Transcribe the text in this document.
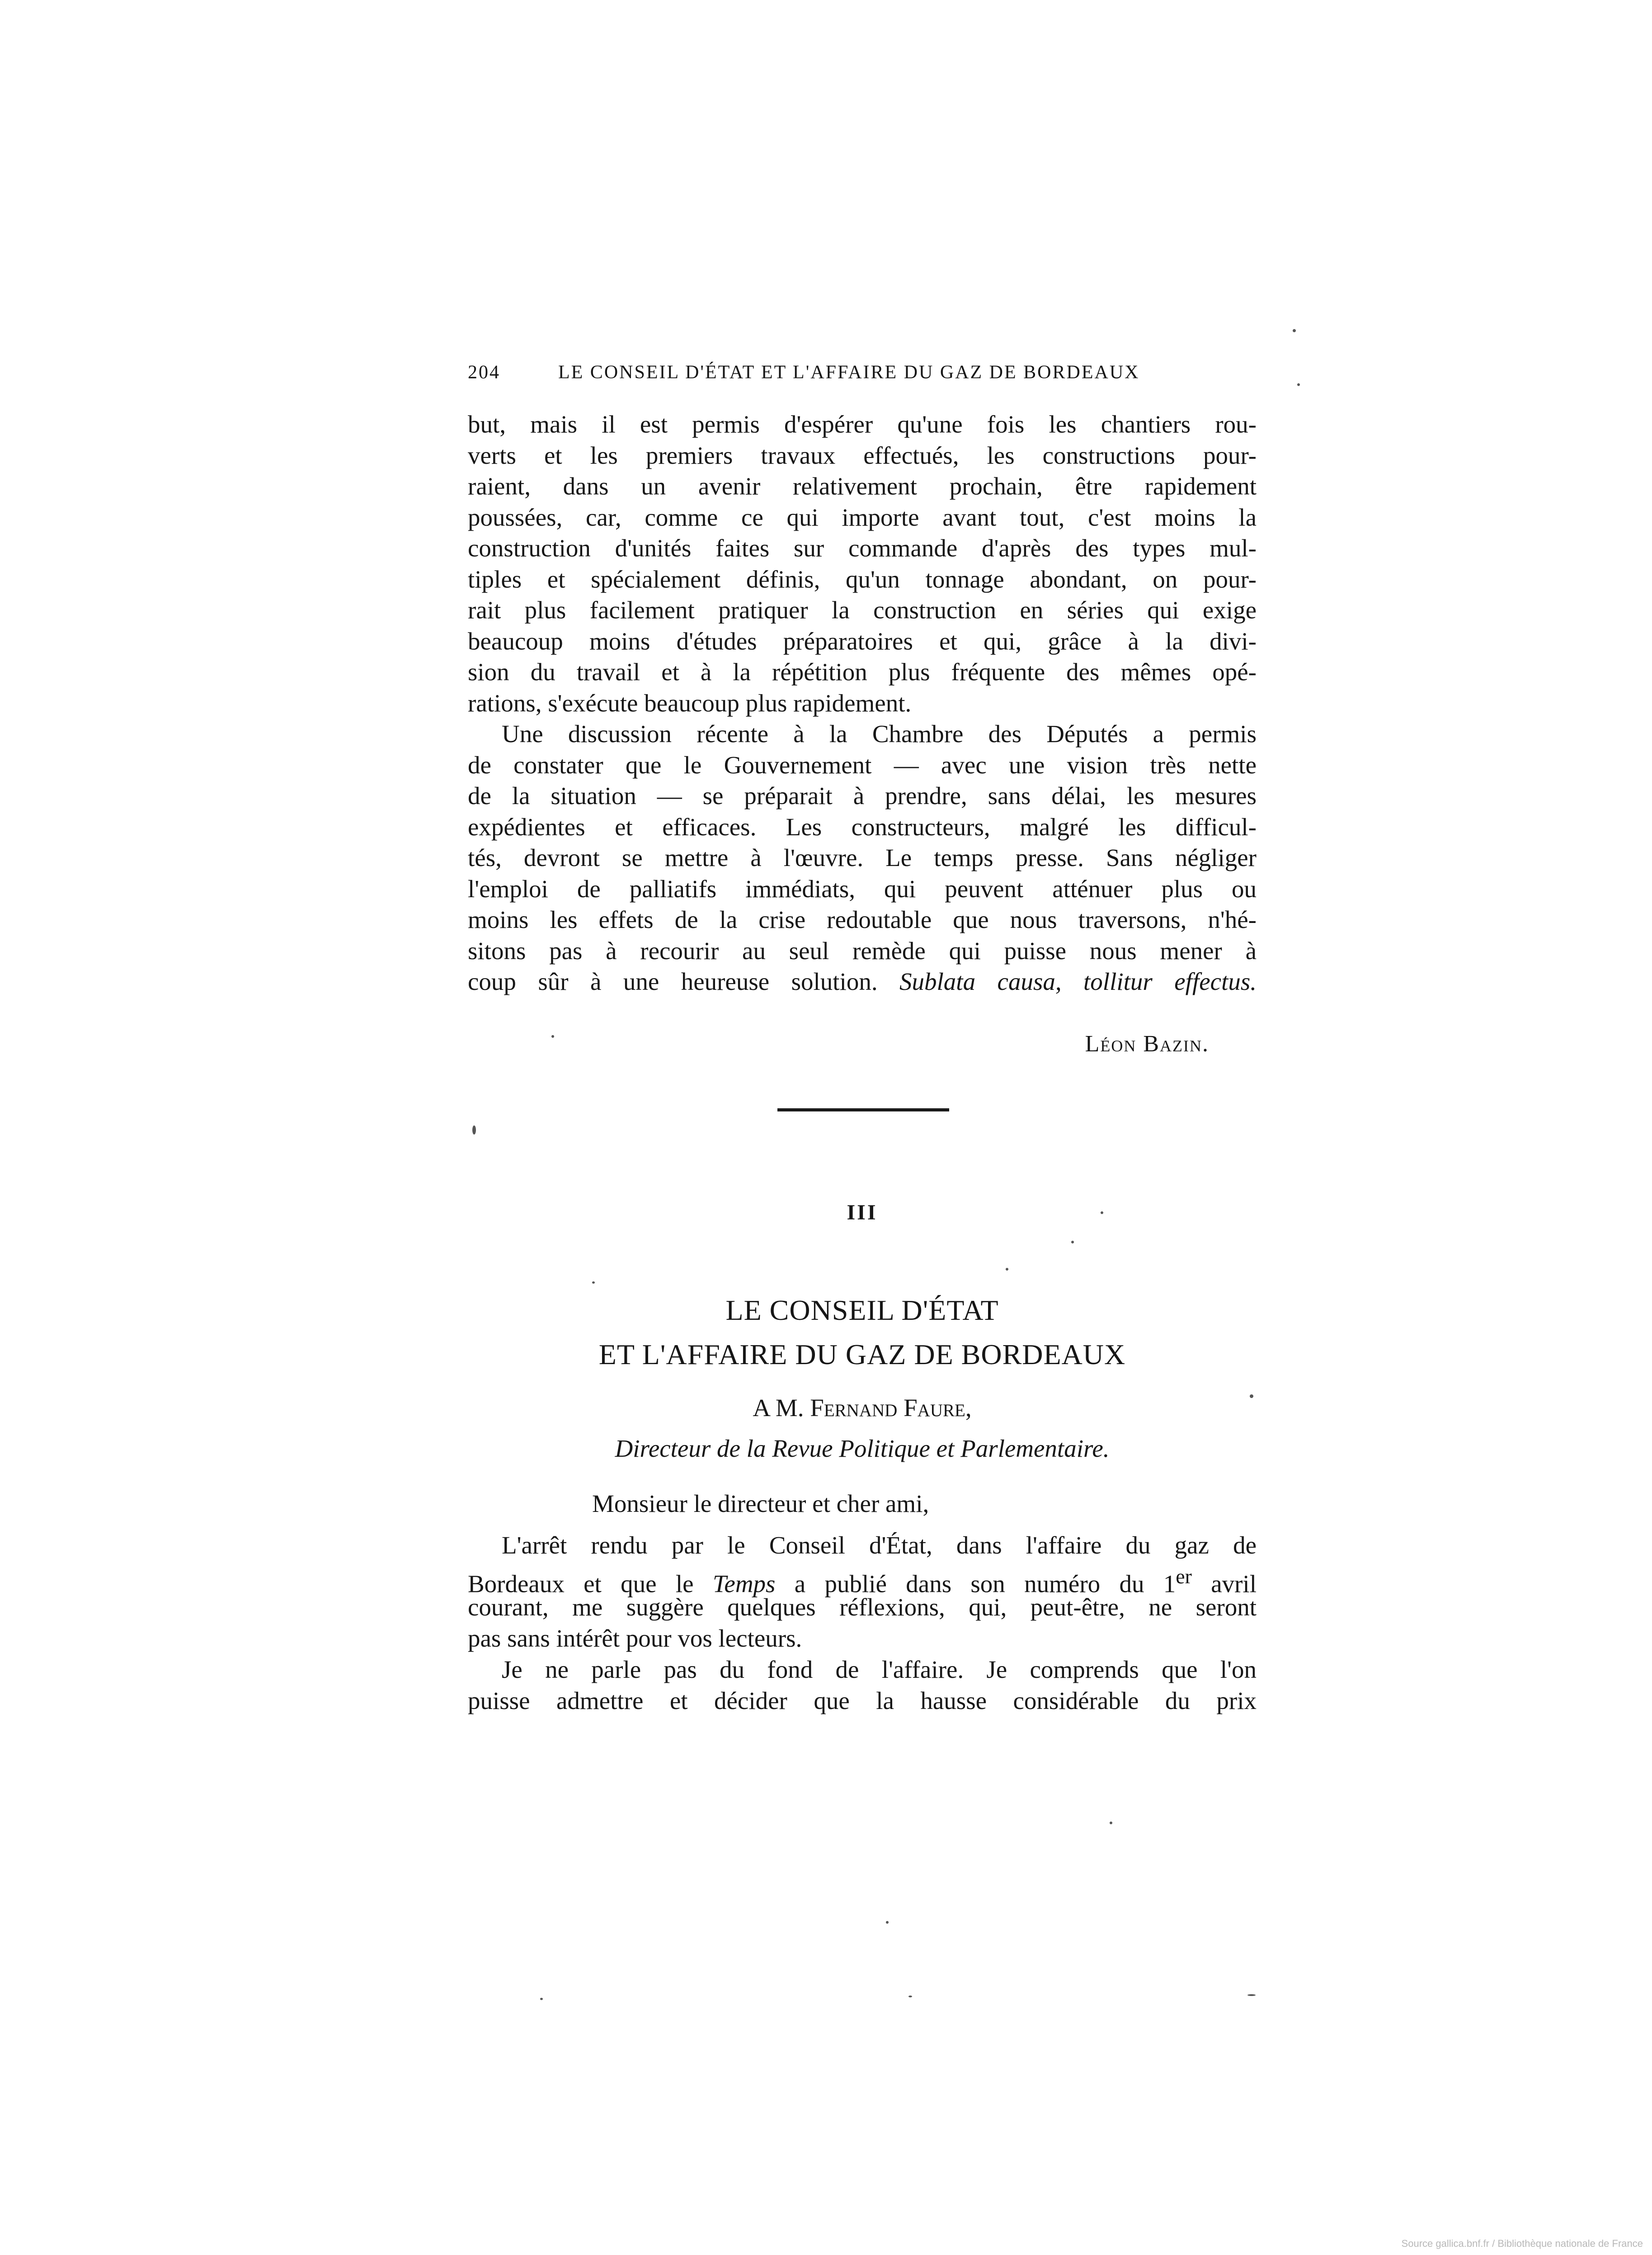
204	LE CONSEIL D'ÉTAT ET L'AFFAIRE DU GAZ DE BORDEAUX
but, mais il est permis d'espérer qu'une fois les chantiers rou-
verts et les premiers travaux effectués, les constructions pour-
raient, dans un avenir relativement prochain, être rapidement
poussées, car, comme ce qui importe avant tout, c'est moins la
construction d'unités faites sur commande d'après des types mul-
tiples et spécialement définis, qu'un tonnage abondant, on pour-
rait plus facilement pratiquer la construction en séries qui exige
beaucoup moins d'études préparatoires et qui, grâce à la divi-
sion du travail et à la répétition plus fréquente des mêmes opé-
rations, s'exécute beaucoup plus rapidement.
Une discussion récente à la Chambre des Députés a permis
de constater que le Gouvernement — avec une vision très nette
de la situation — se préparait à prendre, sans délai, les mesures
expédientes et efficaces. Les constructeurs, malgré les difficul-
tés, devront se mettre à l'œuvre. Le temps presse. Sans négliger
l'emploi de palliatifs immédiats, qui peuvent atténuer plus ou
moins les effets de la crise redoutable que nous traversons, n'hé-
sitons pas à recourir au seul remède qui puisse nous mener à
coup sûr à une heureuse solution. Sublata causa, tollitur effectus.
Léon Bazin.
III
LE CONSEIL D'ÉTAT
ET L'AFFAIRE DU GAZ DE BORDEAUX
A M. Fernand Faure,
Directeur de la Revue Politique et Parlementaire.
Monsieur le directeur et cher ami,
L'arrêt rendu par le Conseil d'État, dans l'affaire du gaz de
Bordeaux et que le Temps a publié dans son numéro du 1er avril
courant, me suggère quelques réflexions, qui, peut-être, ne seront
pas sans intérêt pour vos lecteurs.
Je ne parle pas du fond de l'affaire. Je comprends que l'on
puisse admettre et décider que la hausse considérable du prix
Source gallica.bnf.fr / Bibliothèque nationale de France
